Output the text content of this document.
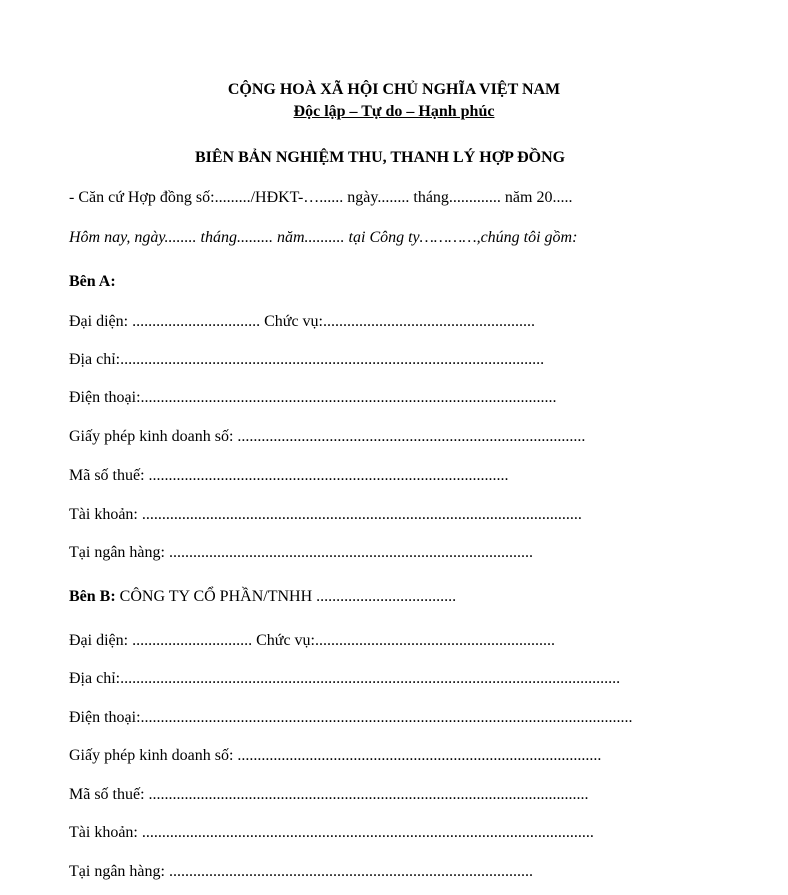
CỘNG HOÀ XÃ HỘI CHỦ NGHĨA VIỆT NAM
Độc lập – Tự do – Hạnh phúc
BIÊN BẢN NGHIỆM THU, THANH LÝ HỢP ĐỒNG
- Căn cứ Hợp đồng số:........./HĐKT-…...... ngày........ tháng............. năm 20.....
Hôm nay, ngày........ tháng......... năm.......... tại Công ty…………,chúng tôi gồm:
Bên A:
Đại diện: ................................ Chức vụ:.....................................................
Địa chỉ:..........................................................................................................
Điện thoại:........................................................................................................
Giấy phép kinh doanh số: .......................................................................................
Mã số thuế: ..........................................................................................
Tài khoản: ..............................................................................................................
Tại ngân hàng: ...........................................................................................
Bên B: CÔNG TY CỔ PHẦN/TNHH ...................................
Đại diện: .............................. Chức vụ:............................................................
Địa chỉ:.............................................................................................................................
Điện thoại:...........................................................................................................................
Giấy phép kinh doanh số: ...........................................................................................
Mã số thuế: ..............................................................................................................
Tài khoản: .................................................................................................................
Tại ngân hàng: ...........................................................................................
